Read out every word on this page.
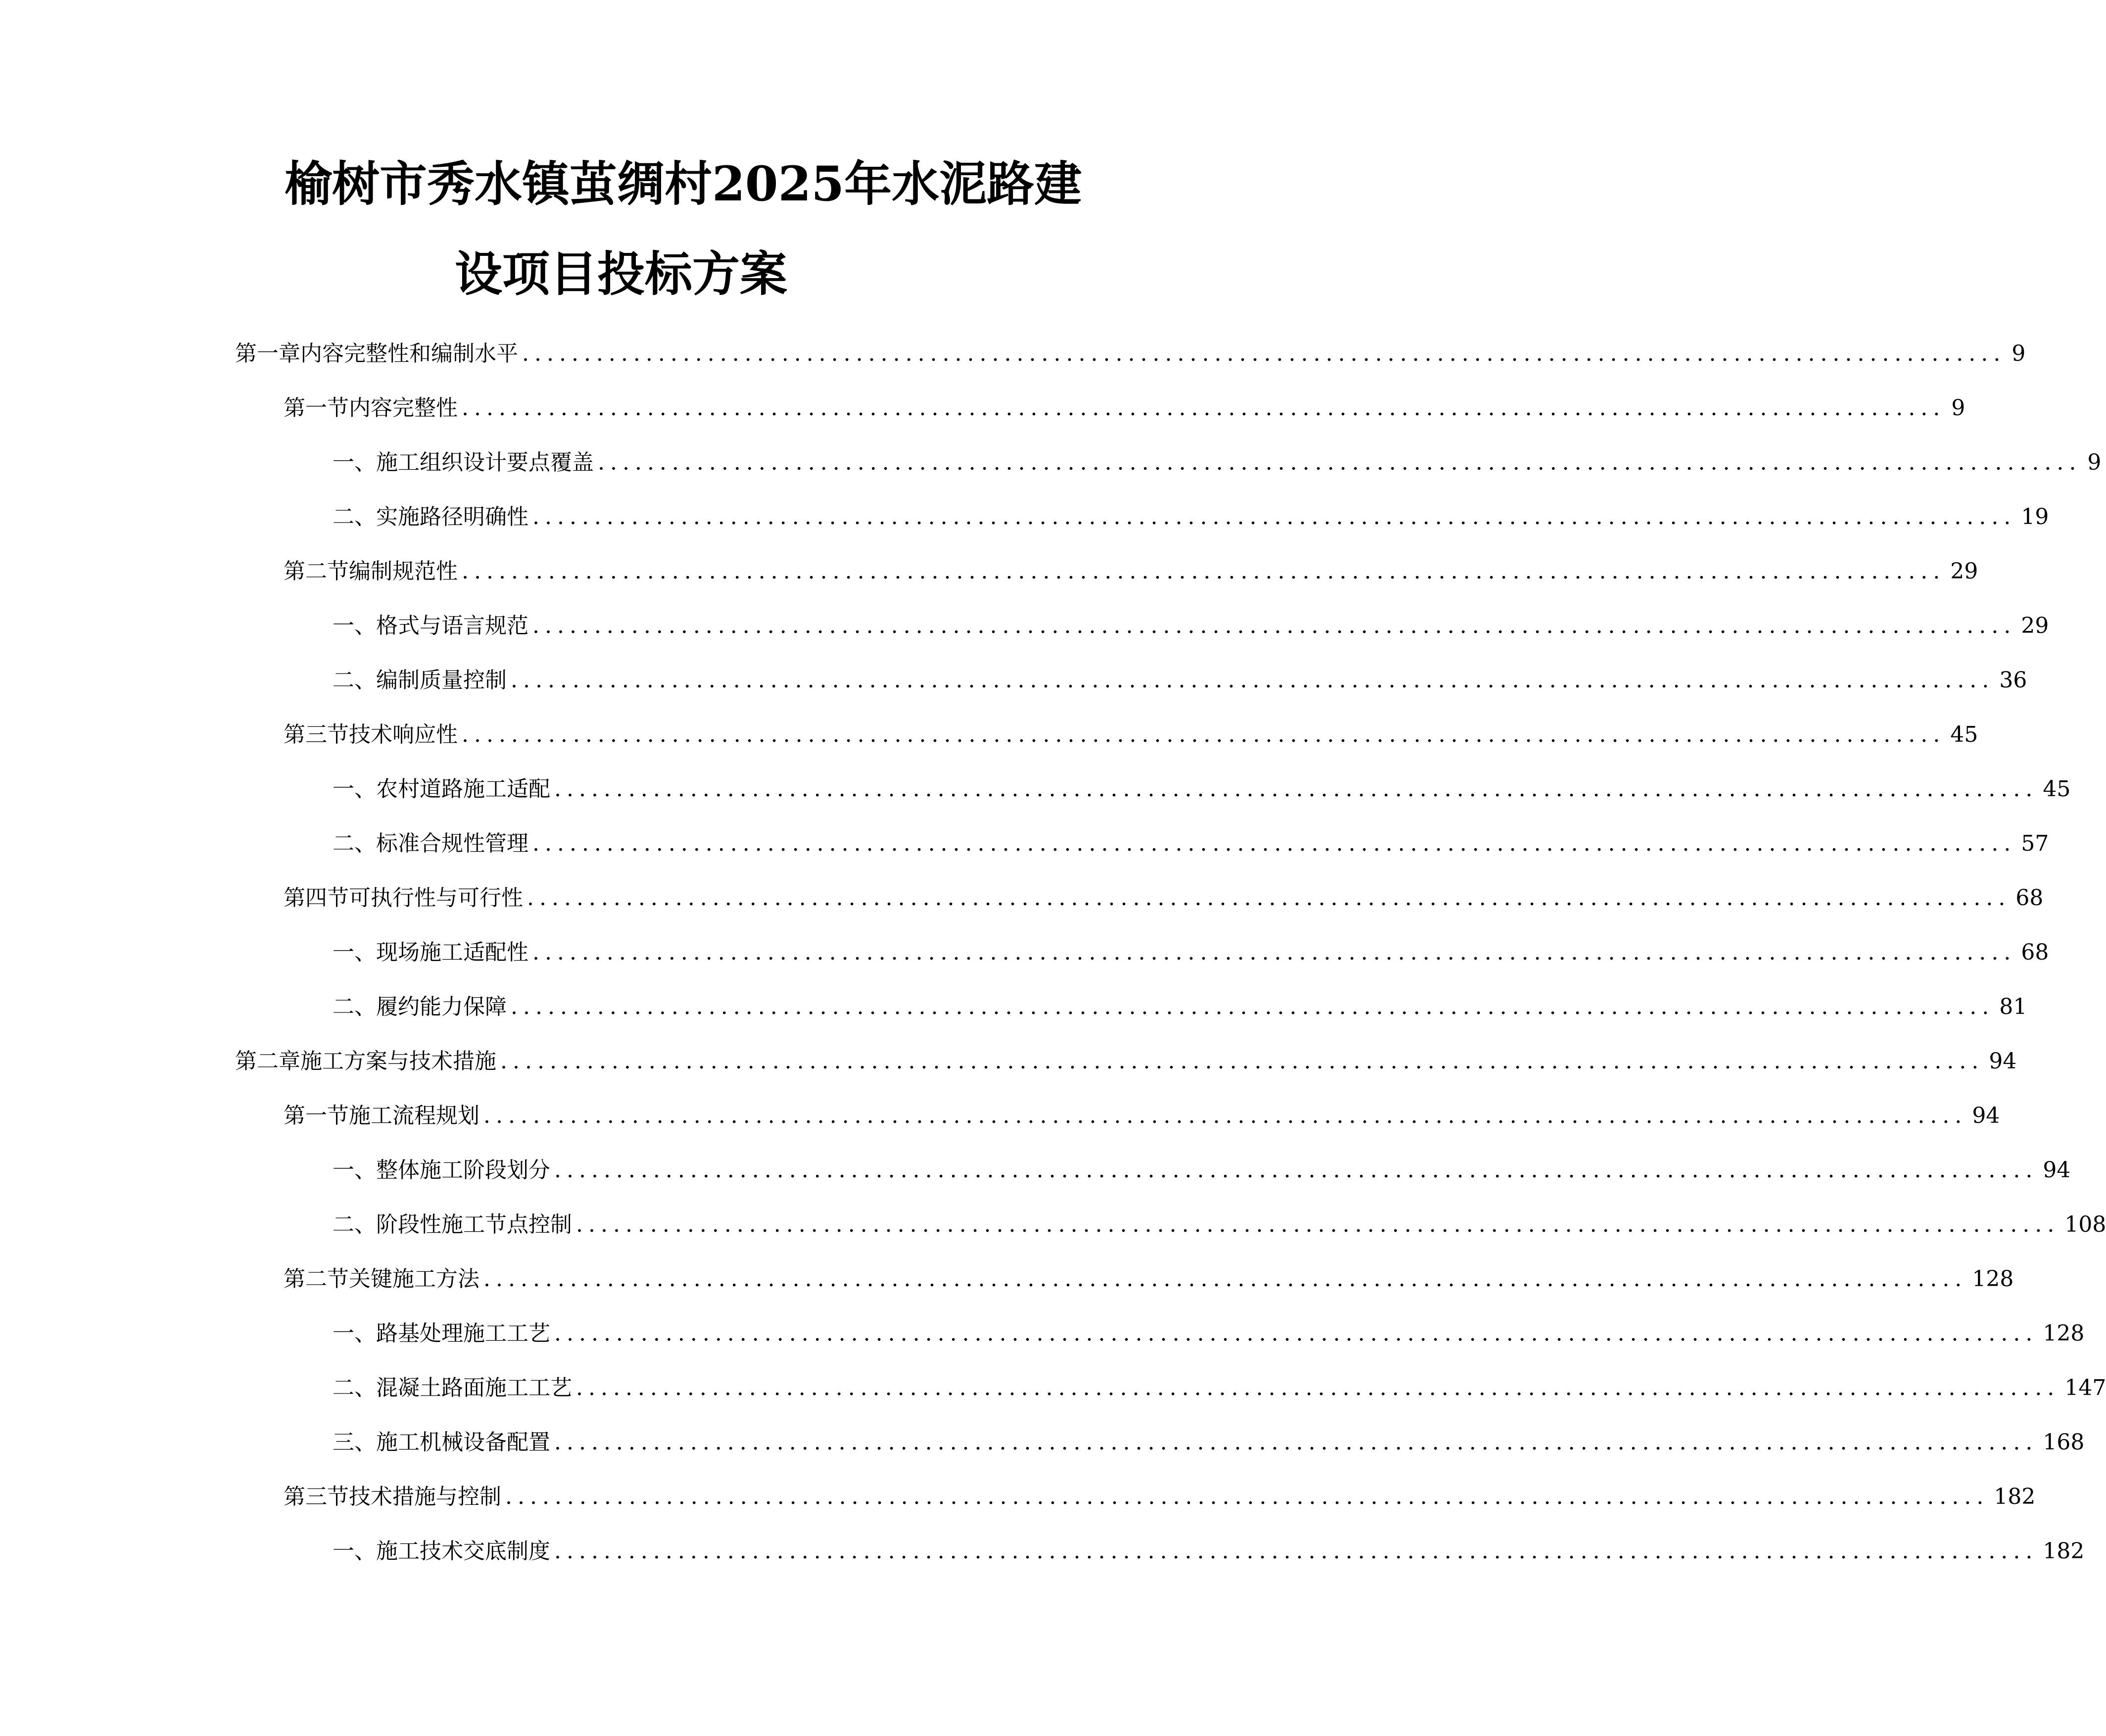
榆树市秀水镇茧绸村2025年水泥路建
设项目投标方案
第一章 内容完整性和编制水平 ........................................................................................................................ 9
第一节 内容完整性 ........................................................................................................................ 9
一、 施工组织设计要点覆盖 ........................................................................................................................ 9
二、 实施路径明确性 ........................................................................................................................ 19
第二节 编制规范性 ........................................................................................................................ 29
一、 格式与语言规范 ........................................................................................................................ 29
二、 编制质量控制 ........................................................................................................................ 36
第三节 技术响应性 ........................................................................................................................ 45
一、 农村道路施工适配 ........................................................................................................................ 45
二、 标准合规性管理 ........................................................................................................................ 57
第四节 可执行性与可行性 ........................................................................................................................ 68
一、 现场施工适配性 ........................................................................................................................ 68
二、 履约能力保障 ........................................................................................................................ 81
第二章 施工方案与技术措施 ........................................................................................................................ 94
第一节 施工流程规划 ........................................................................................................................ 94
一、 整体施工阶段划分 ........................................................................................................................ 94
二、 阶段性施工节点控制 ........................................................................................................................ 108
第二节 关键施工方法 ........................................................................................................................ 128
一、 路基处理施工工艺 ........................................................................................................................ 128
二、 混凝土路面施工工艺 ........................................................................................................................ 147
三、 施工机械设备配置 ........................................................................................................................ 168
第三节 技术措施与控制 ........................................................................................................................ 182
一、 施工技术交底制度 ........................................................................................................................ 182
